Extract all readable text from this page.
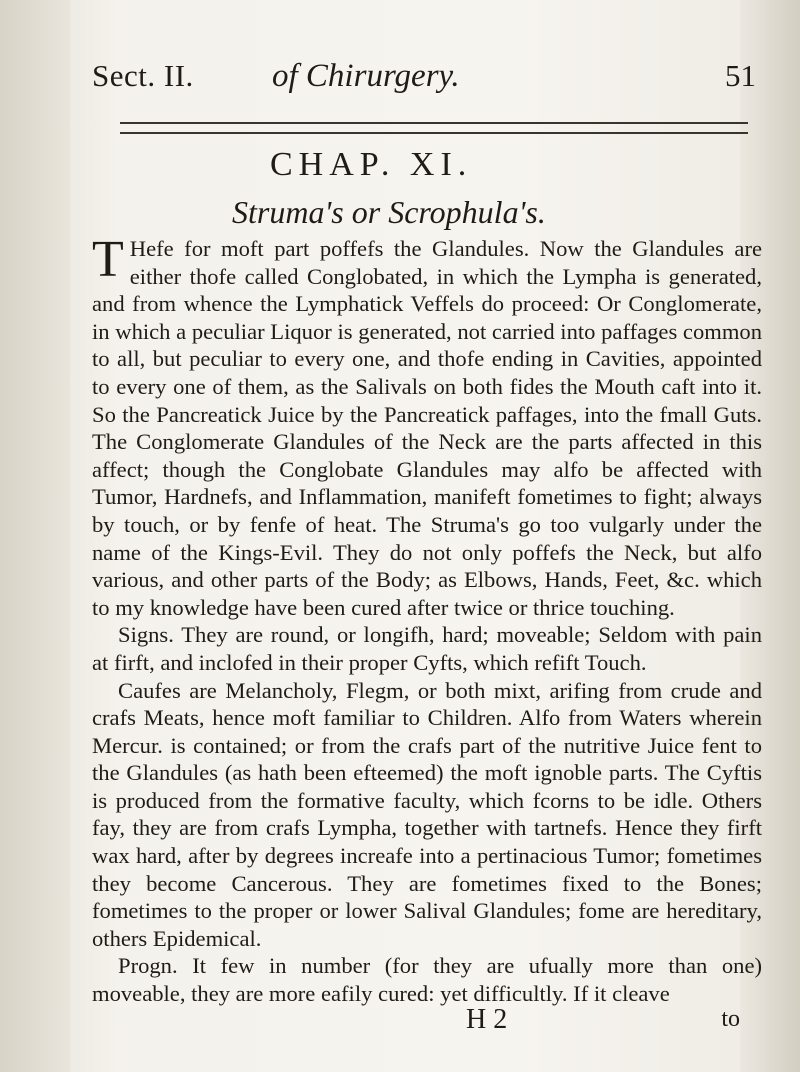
Sect. II. of Chirurgery.	51
CHAP. XI.
Struma's or Scrophula's.

T Hefe for moft part poffefs the Glandules. Now the Glandules are either thofe called Conglobated, in which the Lympha is generated, and from whence the Lymphatick Veffels do proceed: Or Conglomerate, in which a peculiar Liquor is generated, not carried into paffages common to all, but peculiar to every one, and thofe ending in Cavities, appointed to every one of them, as the Salivals on both fides the Mouth caft into it. So the Pancreatick Juice by the Pancreatick paffages, into the fmall Guts. The Conglomerate Glandules of the Neck are the parts affected in this affect; though the Conglobate Glandules may alfo be affected with Tumor, Hardnefs, and Inflammation, manifeft fometimes to fight; always by touch, or by fenfe of heat. The Struma's go too vulgarly under the name of the Kings-Evil. They do not only poffefs the Neck, but alfo various, and other parts of the Body; as Elbows, Hands, Feet, &c. which to my knowledge have been cured after twice or thrice touching.

Signs. They are round, or longifh, hard; moveable; Seldom with pain at firft, and inclofed in their proper Cyfts, which refift Touch.

Caufes are Melancholy, Flegm, or both mixt, arifing from crude and crafs Meats, hence moft familiar to Children. Alfo from Waters wherein Mercur. is contained; or from the crafs part of the nutritive Juice fent to the Glandules (as hath been efteemed) the moft ignoble parts. The Cyftis is produced from the formative faculty, which fcorns to be idle. Others fay, they are from crafs Lympha, together with tartnefs. Hence they firft wax hard, after by degrees increafe into a pertinacious Tumor; fometimes they become Cancerous. They are fometimes fixed to the Bones; fometimes to the proper or lower Salival Glandules; fome are hereditary, others Epidemical.

Progn. It few in number (for they are ufually more than one) moveable, they are more eafily cured: yet difficultly. If it cleave

H 2	to
